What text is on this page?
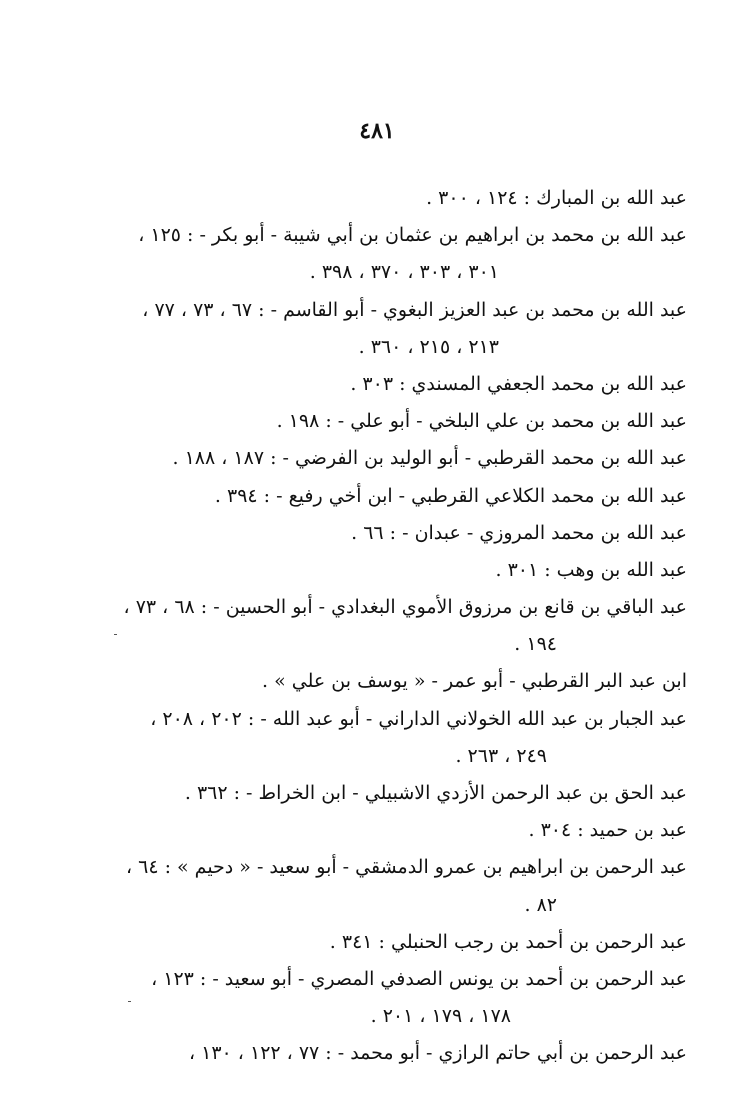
٤٨١
عبد الله بن المبارك : ١٢٤ ، ٣٠٠ .
عبد الله بن محمد بن ابراهيم بن عثمان بن أبي شيبة - أبو بكر - : ١٢٥ ،
٣٠١ ، ٣٠٣ ، ٣٧٠ ، ٣٩٨ .
عبد الله بن محمد بن عبد العزيز البغوي - أبو القاسم - : ٦٧ ، ٧٣ ، ٧٧ ،
٢١٣ ، ٢١٥ ، ٣٦٠ .
عبد الله بن محمد الجعفي المسندي : ٣٠٣ .
عبد الله بن محمد بن علي البلخي - أبو علي - : ١٩٨ .
عبد الله بن محمد القرطبي - أبو الوليد بن الفرضي - : ١٨٧ ، ١٨٨ .
عبد الله بن محمد الكلاعي القرطبي - ابن أخي رفيع - : ٣٩٤ .
عبد الله بن محمد المروزي - عبدان - : ٦٦ .
عبد الله بن وهب : ٣٠١ .
عبد الباقي بن قانع بن مرزوق الأموي البغدادي - أبو الحسين - : ٦٨ ، ٧٣ ،
١٩٤ .
ابن عبد البر القرطبي - أبو عمر - « يوسف بن علي » .
عبد الجبار بن عبد الله الخولاني الداراني - أبو عبد الله - : ٢٠٢ ، ٢٠٨ ،
٢٤٩ ، ٢٦٣ .
عبد الحق بن عبد الرحمن الأزدي الاشبيلي - ابن الخراط - : ٣٦٢ .
عبد بن حميد : ٣٠٤ .
عبد الرحمن بن ابراهيم بن عمرو الدمشقي - أبو سعيد - « دحيم » : ٦٤ ،
٨٢ .
عبد الرحمن بن أحمد بن رجب الحنبلي : ٣٤١ .
عبد الرحمن بن أحمد بن يونس الصدفي المصري - أبو سعيد - : ١٢٣ ،
١٧٨ ، ١٧٩ ، ٢٠١ .
عبد الرحمن بن أبي حاتم الرازي - أبو محمد - : ٧٧ ، ١٢٢ ، ١٣٠ ،
